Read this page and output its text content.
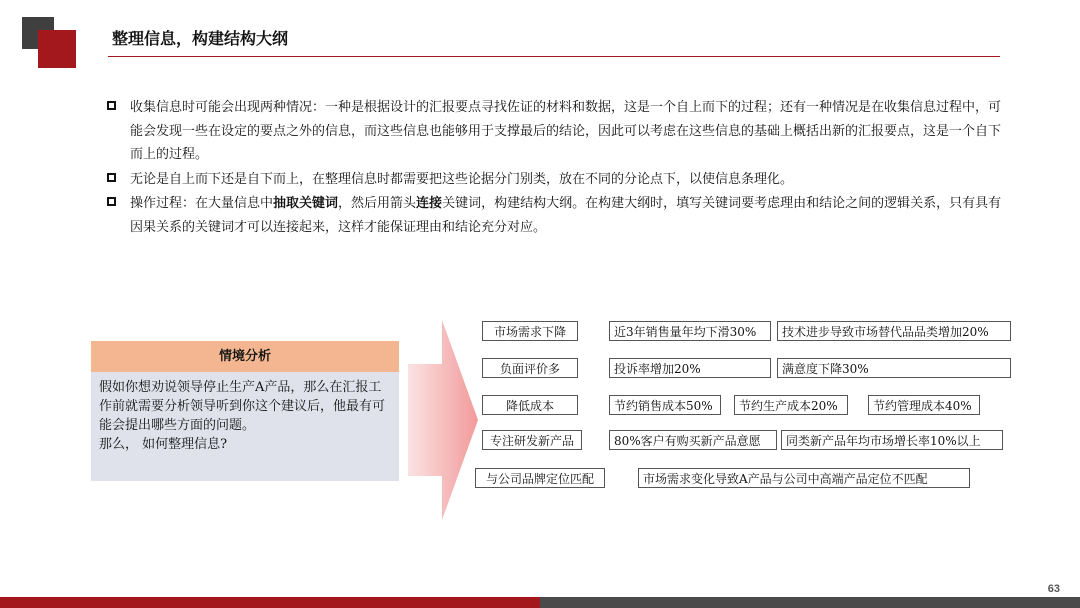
整理信息，构建结构大纲
收集信息时可能会出现两种情况：一种是根据设计的汇报要点寻找佐证的材料和数据，这是一个自上而下的过程；还有一种情况是在收集信息过程中，可能会发现一些在设定的要点之外的信息，而这些信息也能够用于支撑最后的结论，因此可以考虑在这些信息的基础上概括出新的汇报要点，这是一个自下而上的过程。
无论是自上而下还是自下而上，在整理信息时都需要把这些论据分门别类，放在不同的分论点下，以使信息条理化。
操作过程：在大量信息中抽取关键词，然后用箭头连接关键词，构建结构大纲。在构建大纲时，填写关键词要考虑理由和结论之间的逻辑关系，只有具有因果关系的关键词才可以连接起来，这样才能保证理由和结论充分对应。
情境分析
假如你想劝说领导停止生产A产品，那么在汇报工作前就需要分析领导听到你这个建议后，他最有可能会提出哪些方面的问题。
那么， 如何整理信息?
市场需求下降	近3年销售量年均下滑30%	技术进步导致市场替代品品类增加20%
负面评价多	投诉率增加20%	满意度下降30%
降低成本	节约销售成本50%	节约生产成本20%	节约管理成本40%
专注研发新产品	80%客户有购买新产品意愿	同类新产品年均市场增长率10%以上
与公司品牌定位匹配	市场需求变化导致A产品与公司中高端产品定位不匹配
63
